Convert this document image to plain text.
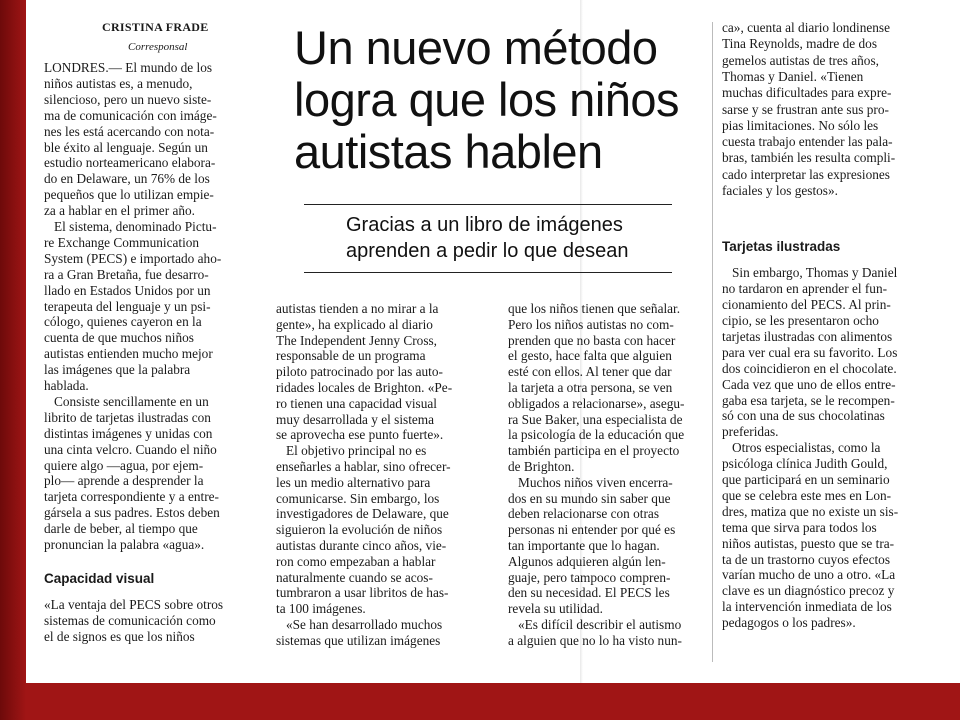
CRISTINA FRADE
Corresponsal
LONDRES.— El mundo de los
niños autistas es, a menudo,
silencioso, pero un nuevo siste-
ma de comunicación con imáge-
nes les está acercando con nota-
ble éxito al lenguaje. Según un
estudio norteamericano elabora-
do en Delaware, un 76% de los
pequeños que lo utilizan empie-
za a hablar en el primer año.
El sistema, denominado Pictu-
re Exchange Communication
System (PECS) e importado aho-
ra a Gran Bretaña, fue desarro-
llado en Estados Unidos por un
terapeuta del lenguaje y un psi-
cólogo, quienes cayeron en la
cuenta de que muchos niños
autistas entienden mucho mejor
las imágenes que la palabra
hablada.
Consiste sencillamente en un
librito de tarjetas ilustradas con
distintas imágenes y unidas con
una cinta velcro. Cuando el niño
quiere algo —agua, por ejem-
plo— aprende a desprender la
tarjeta correspondiente y a entre-
gársela a sus padres. Estos deben
darle de beber, al tiempo que
pronuncian la palabra «agua».
Capacidad visual
«La ventaja del PECS sobre otros
sistemas de comunicación como
el de signos es que los niños
Un nuevo método
logra que los niños
autistas hablen
Gracias a un libro de imágenes
aprenden a pedir lo que desean
autistas tienden a no mirar a la
gente», ha explicado al diario
The Independent Jenny Cross,
responsable de un programa
piloto patrocinado por las auto-
ridades locales de Brighton. «Pe-
ro tienen una capacidad visual
muy desarrollada y el sistema
se aprovecha ese punto fuerte».
El objetivo principal no es
enseñarles a hablar, sino ofrecer-
les un medio alternativo para
comunicarse. Sin embargo, los
investigadores de Delaware, que
siguieron la evolución de niños
autistas durante cinco años, vie-
ron como empezaban a hablar
naturalmente cuando se acos-
tumbraron a usar libritos de has-
ta 100 imágenes.
«Se han desarrollado muchos
sistemas que utilizan imágenes
que los niños tienen que señalar.
Pero los niños autistas no com-
prenden que no basta con hacer
el gesto, hace falta que alguien
esté con ellos. Al tener que dar
la tarjeta a otra persona, se ven
obligados a relacionarse», asegu-
ra Sue Baker, una especialista de
la psicología de la educación que
también participa en el proyecto
de Brighton.
Muchos niños viven encerra-
dos en su mundo sin saber que
deben relacionarse con otras
personas ni entender por qué es
tan importante que lo hagan.
Algunos adquieren algún len-
guaje, pero tampoco compren-
den su necesidad. El PECS les
revela su utilidad.
«Es difícil describir el autismo
a alguien que no lo ha visto nun-
ca», cuenta al diario londinense
Tina Reynolds, madre de dos
gemelos autistas de tres años,
Thomas y Daniel. «Tienen
muchas dificultades para expre-
sarse y se frustran ante sus pro-
pias limitaciones. No sólo les
cuesta trabajo entender las pala-
bras, también les resulta compli-
cado interpretar las expresiones
faciales y los gestos».
Tarjetas ilustradas
Sin embargo, Thomas y Daniel
no tardaron en aprender el fun-
cionamiento del PECS. Al prin-
cipio, se les presentaron ocho
tarjetas ilustradas con alimentos
para ver cual era su favorito. Los
dos coincidieron en el chocolate.
Cada vez que uno de ellos entre-
gaba esa tarjeta, se le recompen-
só con una de sus chocolatinas
preferidas.
Otros especialistas, como la
psicóloga clínica Judith Gould,
que participará en un seminario
que se celebra este mes en Lon-
dres, matiza que no existe un sis-
tema que sirva para todos los
niños autistas, puesto que se tra-
ta de un trastorno cuyos efectos
varían mucho de uno a otro. «La
clave es un diagnóstico precoz y
la intervención inmediata de los
pedagogos o los padres».
